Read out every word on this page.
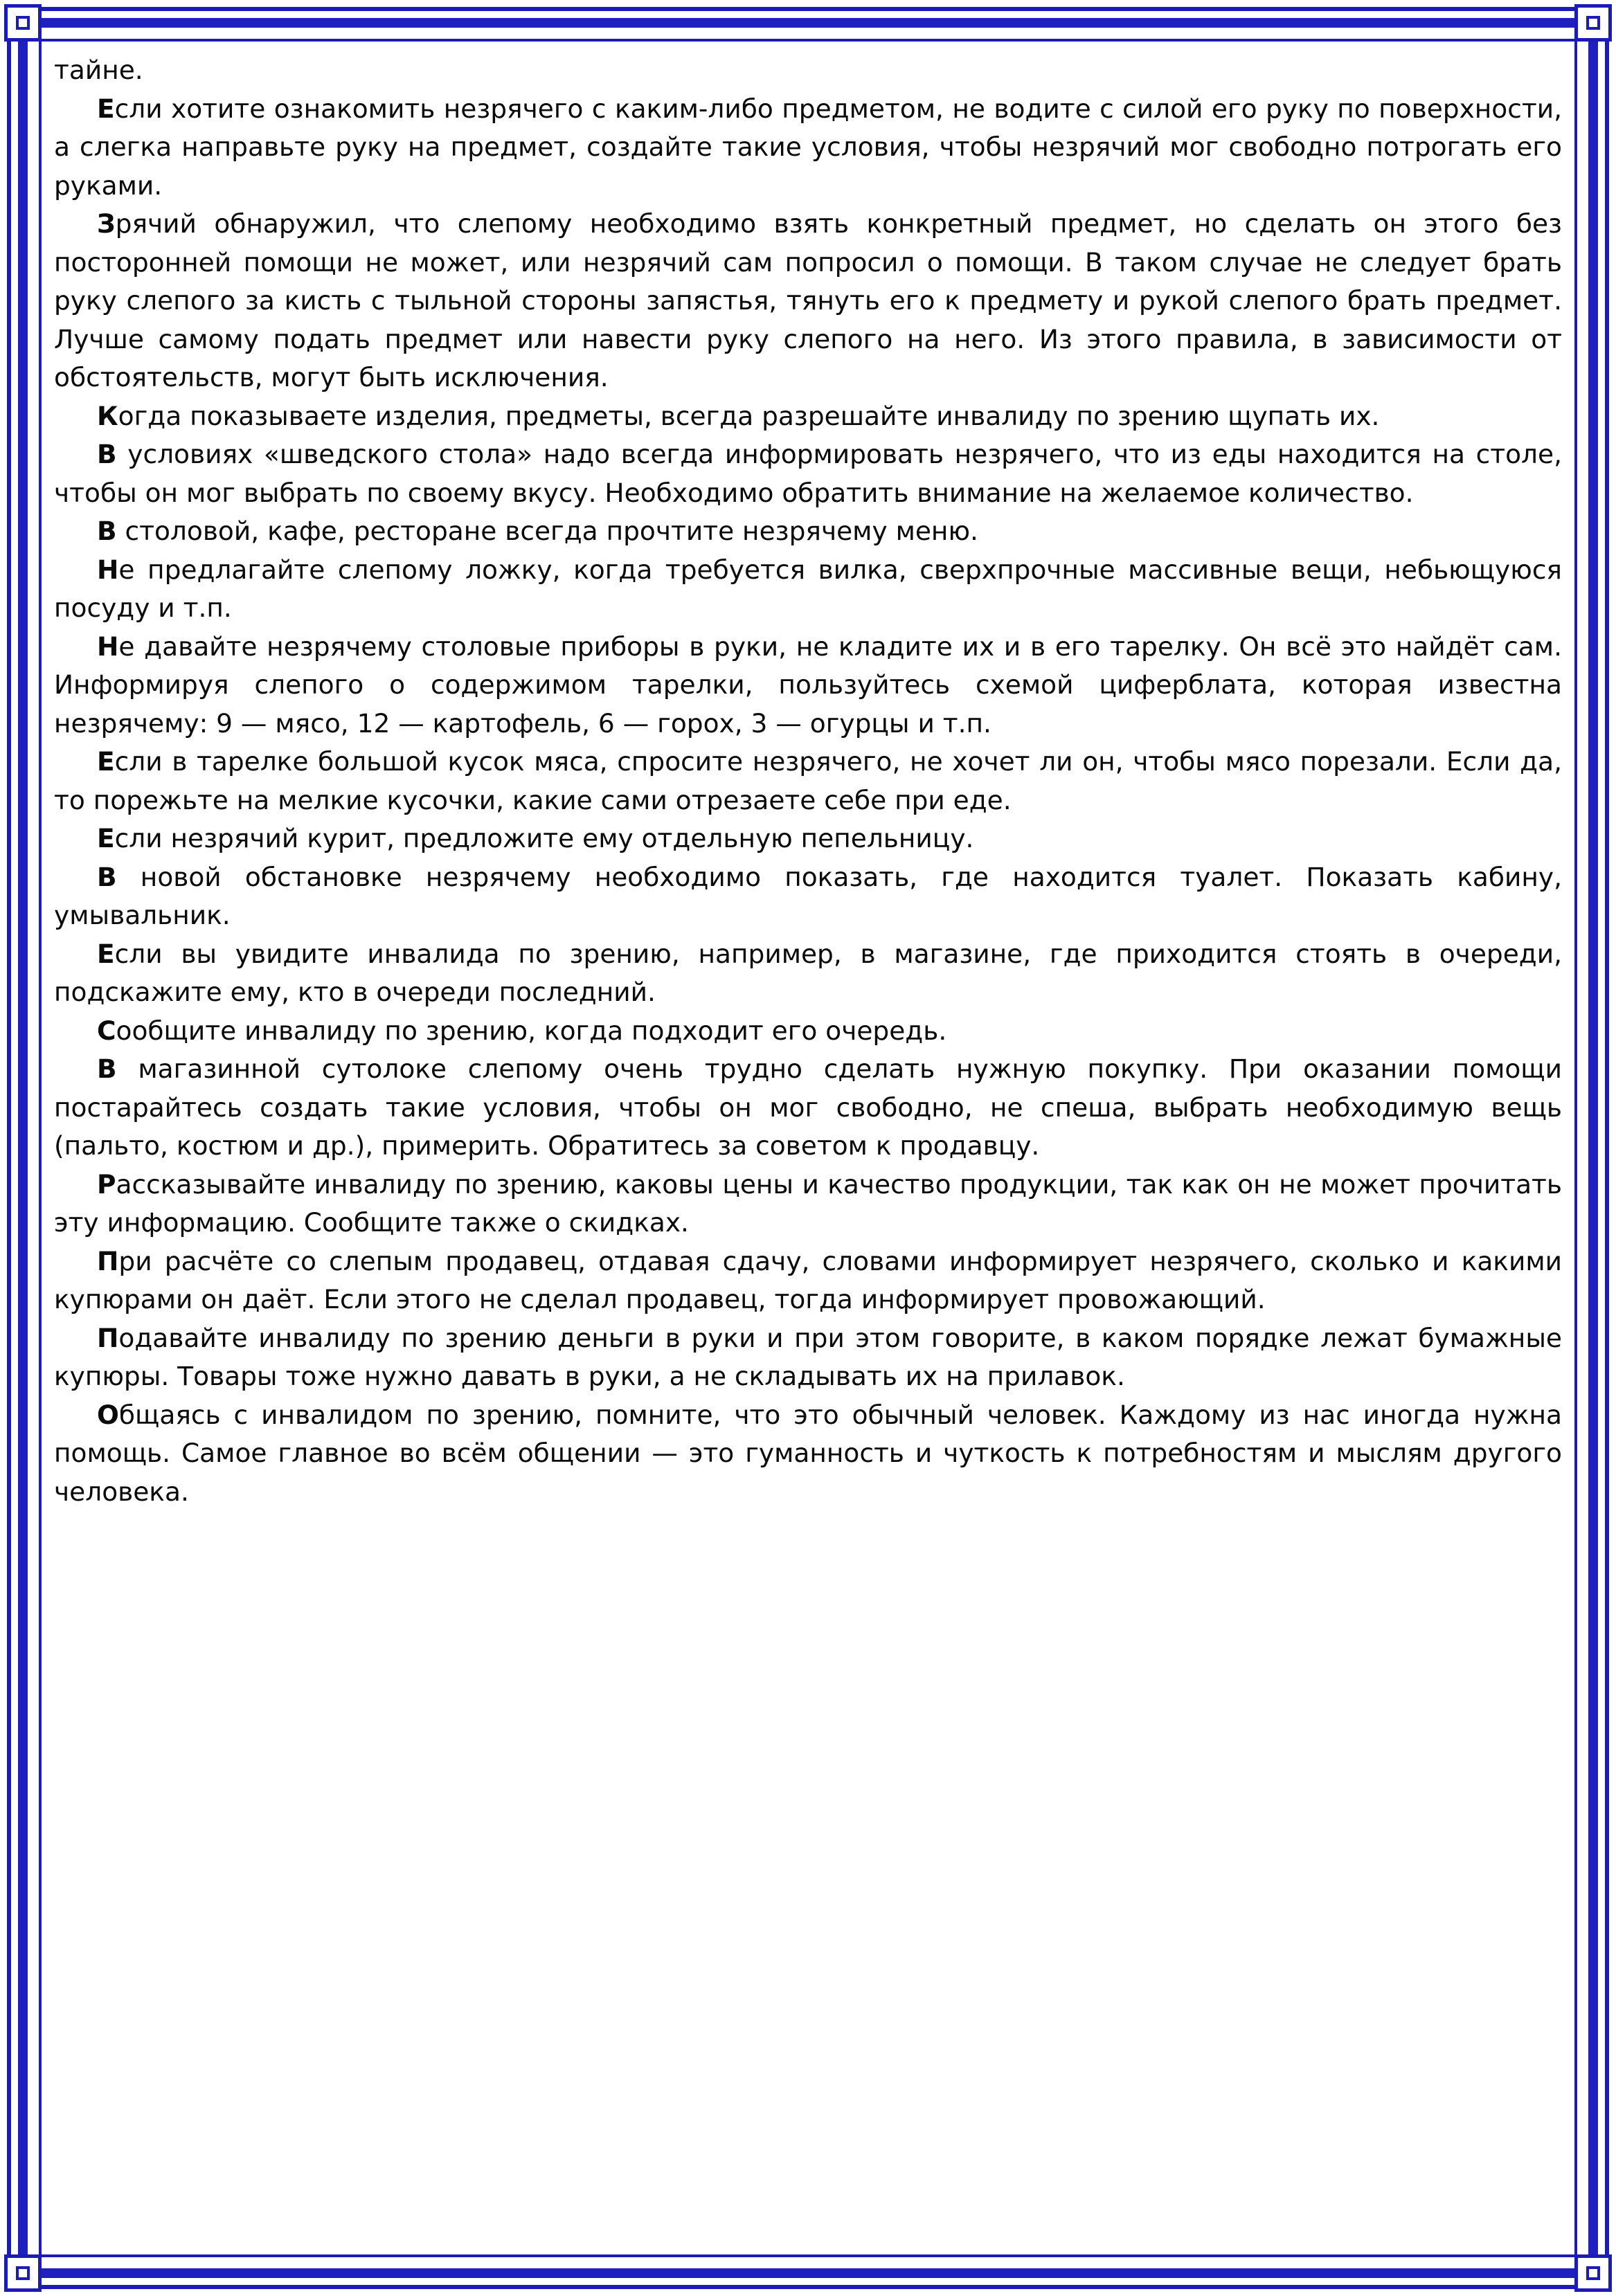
тайне.

Если хотите ознакомить незрячего с каким-либо предметом, не водите с силой его руку по поверхности, а слегка направьте руку на предмет, создайте такие условия, чтобы незрячий мог свободно потрогать его руками.

Зрячий обнаружил, что слепому необходимо взять конкретный предмет, но сделать он этого без посторонней помощи не может, или незрячий сам попросил о помощи. В таком случае не следует брать руку слепого за кисть с тыльной стороны запястья, тянуть его к предмету и рукой слепого брать предмет. Лучше самому подать предмет или навести руку слепого на него. Из этого правила, в зависимости от обстоятельств, могут быть исключения.

Когда показываете изделия, предметы, всегда разрешайте инвалиду по зрению щупать их.

В условиях «шведского стола» надо всегда информировать незрячего, что из еды находится на столе, чтобы он мог выбрать по своему вкусу. Необходимо обратить внимание на желаемое количество.

В столовой, кафе, ресторане всегда прочтите незрячему меню.

Не предлагайте слепому ложку, когда требуется вилка, сверхпрочные массивные вещи, небьющуюся посуду и т.п.

Не давайте незрячему столовые приборы в руки, не кладите их и в его тарелку. Он всё это найдёт сам. Информируя слепого о содержимом тарелки, пользуйтесь схемой циферблата, которая известна незрячему: 9 — мясо, 12 — картофель, 6 — горох, 3 — огурцы и т.п.

Если в тарелке большой кусок мяса, спросите незрячего, не хочет ли он, чтобы мясо порезали. Если да, то порежьте на мелкие кусочки, какие сами отрезаете себе при еде.

Если незрячий курит, предложите ему отдельную пепельницу.

В новой обстановке незрячему необходимо показать, где находится туалет. Показать кабину, умывальник.

Если вы увидите инвалида по зрению, например, в магазине, где приходится стоять в очереди, подскажите ему, кто в очереди последний.

Сообщите инвалиду по зрению, когда подходит его очередь.

В магазинной сутолоке слепому очень трудно сделать нужную покупку. При оказании помощи постарайтесь создать такие условия, чтобы он мог свободно, не спеша, выбрать необходимую вещь (пальто, костюм и др.), примерить. Обратитесь за советом к продавцу.

Рассказывайте инвалиду по зрению, каковы цены и качество продукции, так как он не может прочитать эту информацию. Сообщите также о скидках.

При расчёте со слепым продавец, отдавая сдачу, словами информирует незрячего, сколько и какими купюрами он даёт. Если этого не сделал продавец, тогда информирует провожающий.

Подавайте инвалиду по зрению деньги в руки и при этом говорите, в каком порядке лежат бумажные купюры. Товары тоже нужно давать в руки, а не складывать их на прилавок.

Общаясь с инвалидом по зрению, помните, что это обычный человек. Каждому из нас иногда нужна помощь. Самое главное во всём общении — это гуманность и чуткость к потребностям и мыслям другого человека.
